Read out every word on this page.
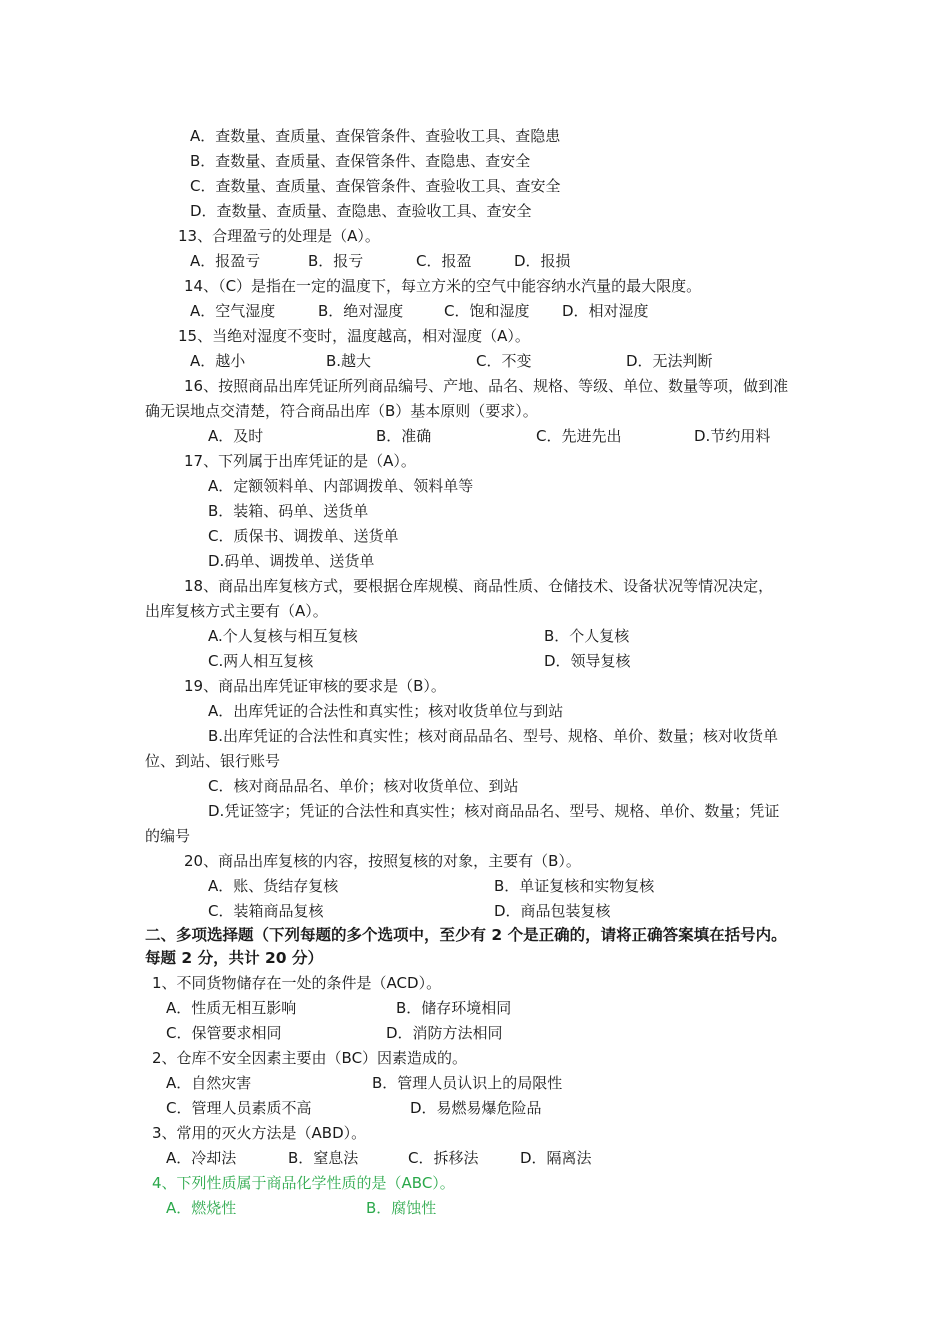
A．查数量、查质量、查保管条件、查验收工具、查隐患
B．查数量、查质量、查保管条件、查隐患、查安全
C．查数量、查质量、查保管条件、查验收工具、查安全
D．查数量、查质量、查隐患、查验收工具、查安全
13、合理盈亏的处理是（A）。
A．报盈亏	B．报亏	C．报盈	D．报损
14、（C）是指在一定的温度下，每立方米的空气中能容纳水汽量的最大限度。
A．空气湿度	B．绝对湿度	C．饱和湿度 D．相对湿度
15、当绝对湿度不变时，温度越高，相对湿度（A）。
A．越小	B.越大	C．不变	D．无法判断
16、按照商品出库凭证所列商品编号、产地、品名、规格、等级、单位、数量等项，做到准
确无误地点交清楚，符合商品出库（B）基本原则（要求）。
A．及时	B．准确	C．先进先出	D.节约用料
17、下列属于出库凭证的是（A）。
A．定额领料单、内部调拨单、领料单等
B．装箱、码单、送货单
C．质保书、调拨单、送货单
D.码单、调拨单、送货单
18、商品出库复核方式，要根据仓库规模、商品性质、仓储技术、设备状况等情况决定，
出库复核方式主要有（A）。
A.个人复核与相互复核	B．个人复核
C.两人相互复核	D．领导复核
19、商品出库凭证审核的要求是（B）。
A．出库凭证的合法性和真实性；核对收货单位与到站
B.出库凭证的合法性和真实性；核对商品品名、型号、规格、单价、数量；核对收货单
位、到站、银行账号
C．核对商品品名、单价；核对收货单位、到站
D.凭证签字；凭证的合法性和真实性；核对商品品名、型号、规格、单价、数量；凭证
的编号
20、商品出库复核的内容，按照复核的对象，主要有（B）。
A．账、货结存复核	B．单证复核和实物复核
C．装箱商品复核	D．商品包装复核
二、多项选择题（下列每题的多个选项中，至少有 2 个是正确的，请将正确答案填在括号内。
每题 2 分，共计 20 分）
1、不同货物储存在一处的条件是（ACD）。
A．性质无相互影响	B．储存环境相同
C．保管要求相同	D．消防方法相同
2、仓库不安全因素主要由（BC）因素造成的。
A．自然灾害	B．管理人员认识上的局限性
C．管理人员素质不高	D．易燃易爆危险品
3、常用的灭火方法是（ABD）。
A．冷却法	B．窒息法	C．拆移法	D．隔离法
4、下列性质属于商品化学性质的是（ABC）。
A．燃烧性	B．腐蚀性
